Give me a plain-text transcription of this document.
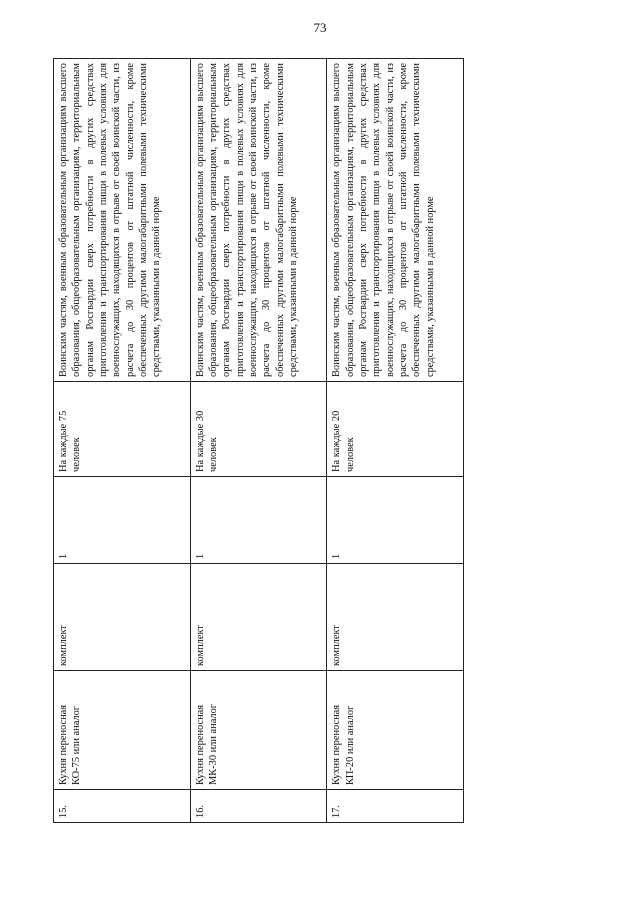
73
15.	Кухня переносная КО-75 или аналог	комплект	1	На каждые 75 человек	Воинским частям, военным образовательным организациям высшего образования, общеобразовательным организациям, территориальным органам Росгвардии сверх потребности в других средствах приготовления и транспортирования пищи в полевых условиях для военнослужащих, находящихся в отрыве от своей воинской части, из расчета до 30 процентов от штатной численности, кроме обеспеченных другими малогабаритными полевыми техническими средствами, указанными в данной норме
16.	Кухня переносная МК-30 или аналог	комплект	1	На каждые 30 человек	Воинским частям, военным образовательным организациям высшего образования, общеобразовательным организациям, территориальным органам Росгвардии сверх потребности в других средствах приготовления и транспортирования пищи в полевых условиях для военнослужащих, находящихся в отрыве от своей воинской части, из расчета до 30 процентов от штатной численности, кроме обеспеченных другими малогабаритными полевыми техническими средствами, указанными в данной норме
17.	Кухня переносная КП-20 или аналог	комплект	1	На каждые 20 человек	Воинским частям, военным образовательным организациям высшего образования, общеобразовательным организациям, территориальным органам Росгвардии сверх потребности в других средствах приготовления и транспортирования пищи в полевых условиях для военнослужащих, находящихся в отрыве от своей воинской части, из расчета до 30 процентов от штатной численности, кроме обеспеченных другими малогабаритными полевыми техническими средствами, указанными в данной норме
